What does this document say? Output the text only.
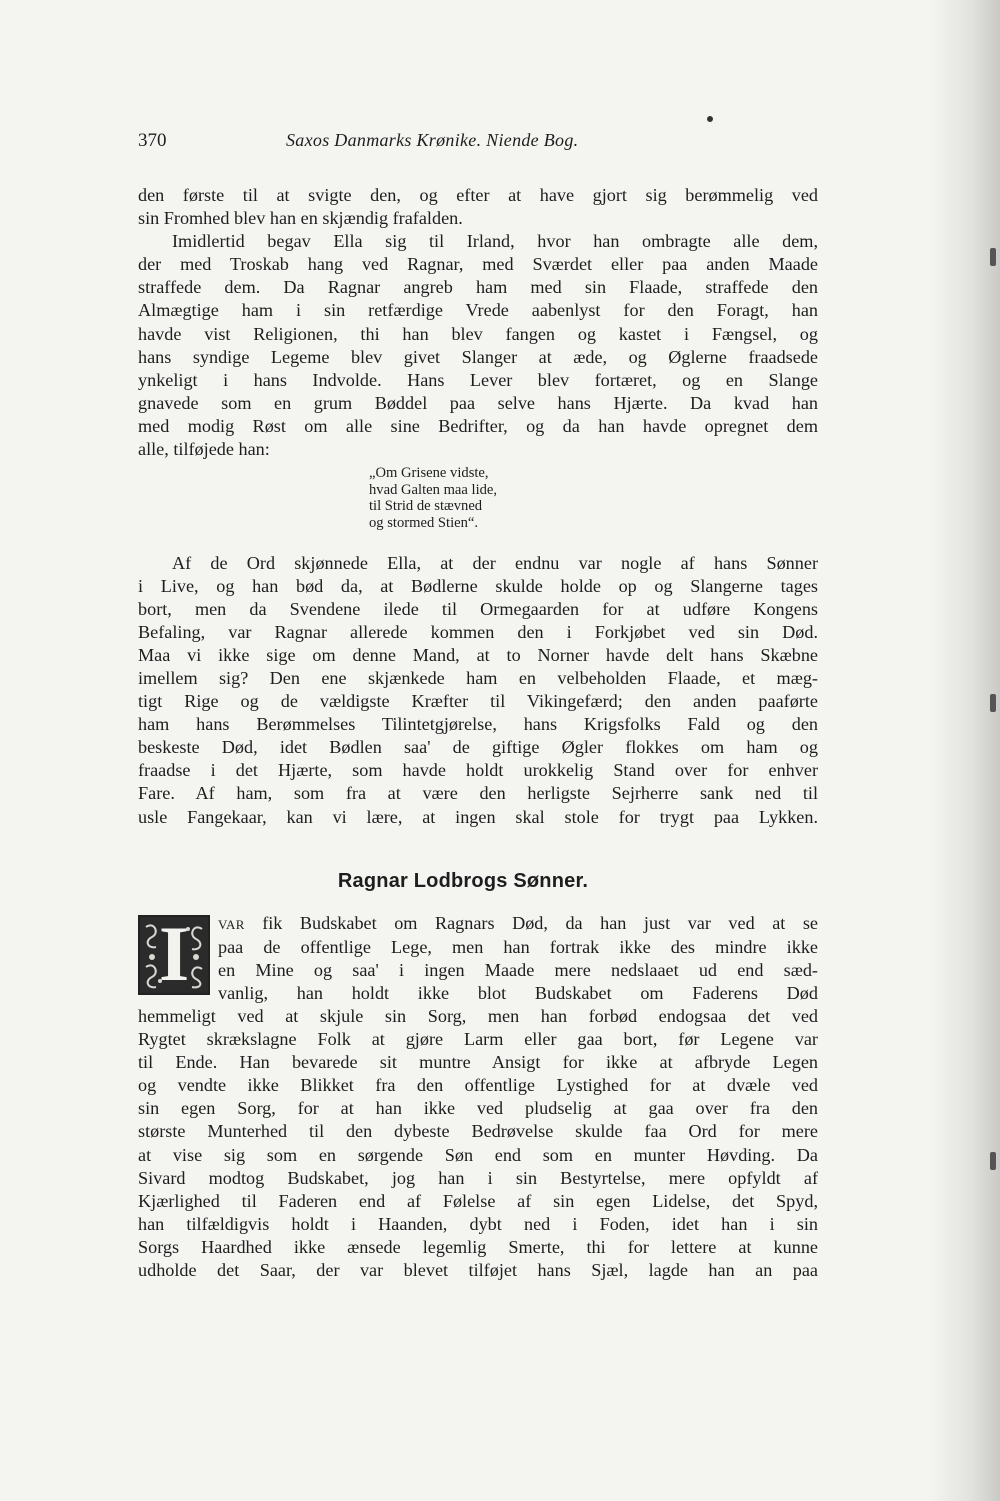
370	Saxos Danmarks Krønike. Niende Bog.
den første til at svigte den, og efter at have gjort sig berømmelig ved
sin Fromhed blev han en skjændig frafalden.
Imidlertid begav Ella sig til Irland, hvor han ombragte alle dem,
der med Troskab hang ved Ragnar, med Sværdet eller paa anden Maade
straffede dem. Da Ragnar angreb ham med sin Flaade, straffede den
Almægtige ham i sin retfærdige Vrede aabenlyst for den Foragt, han
havde vist Religionen, thi han blev fangen og kastet i Fængsel, og
hans syndige Legeme blev givet Slanger at æde, og Øglerne fraadsede
ynkeligt i hans Indvolde. Hans Lever blev fortæret, og en Slange
gnavede som en grum Bøddel paa selve hans Hjærte. Da kvad han
med modig Røst om alle sine Bedrifter, og da han havde opregnet dem
alle, tilføjede han:
„Om Grisene vidste,
hvad Galten maa lide,
til Strid de stævned
og stormed Stien“.
Af de Ord skjønnede Ella, at der endnu var nogle af hans Sønner
i Live, og han bød da, at Bødlerne skulde holde op og Slangerne tages
bort, men da Svendene ilede til Ormegaarden for at udføre Kongens
Befaling, var Ragnar allerede kommen den i Forkjøbet ved sin Død.
Maa vi ikke sige om denne Mand, at to Norner havde delt hans Skæbne
imellem sig? Den ene skjænkede ham en velbeholden Flaade, et mæg-
tigt Rige og de vældigste Kræfter til Vikingefærd; den anden paaførte
ham hans Berømmelses Tilintetgjørelse, hans Krigsfolks Fald og den
beskeste Død, idet Bødlen saa' de giftige Øgler flokkes om ham og
fraadse i det Hjærte, som havde holdt urokkelig Stand over for enhver
Fare. Af ham, som fra at være den herligste Sejrherre sank ned til
usle Fangekaar, kan vi lære, at ingen skal stole for trygt paa Lykken.
Ragnar Lodbrogs Sønner.
I	VAR fik Budskabet om Ragnars Død, da han just var ved at se
paa de offentlige Lege, men han fortrak ikke des mindre ikke
en Mine og saa' i ingen Maade mere nedslaaet ud end sæd-
vanlig, han holdt ikke blot Budskabet om Faderens Død
hemmeligt ved at skjule sin Sorg, men han forbød endogsaa det ved
Rygtet skrækslagne Folk at gjøre Larm eller gaa bort, før Legene var
til Ende. Han bevarede sit muntre Ansigt for ikke at afbryde Legen
og vendte ikke Blikket fra den offentlige Lystighed for at dvæle ved
sin egen Sorg, for at han ikke ved pludselig at gaa over fra den
største Munterhed til den dybeste Bedrøvelse skulde faa Ord for mere
at vise sig som en sørgende Søn end som en munter Høvding. Da
Sivard modtog Budskabet, jog han i sin Bestyrtelse, mere opfyldt af
Kjærlighed til Faderen end af Følelse af sin egen Lidelse, det Spyd,
han tilfældigvis holdt i Haanden, dybt ned i Foden, idet han i sin
Sorgs Haardhed ikke ænsede legemlig Smerte, thi for lettere at kunne
udholde det Saar, der var blevet tilføjet hans Sjæl, lagde han an paa
